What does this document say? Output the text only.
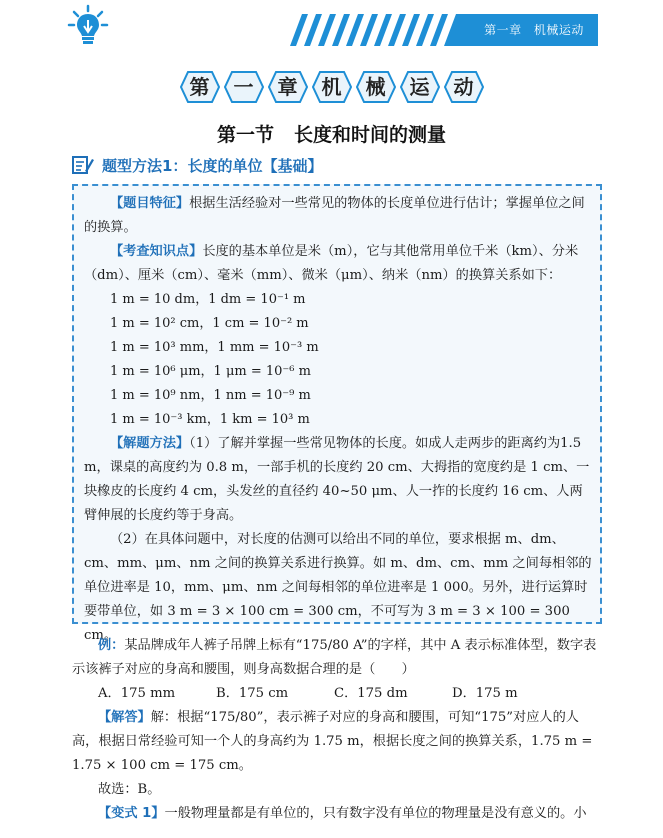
第一章 机械运动
第	一	章	机	械	运	动
第一节 长度和时间的测量
题型方法1：长度的单位【基础】

【题目特征】根据生活经验对一些常见的物体的长度单位进行估计；掌握单位之间的换算。

【考查知识点】长度的基本单位是米（m），它与其他常用单位千米（km）、分米（dm）、厘米（cm）、毫米（mm）、微米（μm）、纳米（nm）的换算关系如下：

1 m = 10 dm，1 dm = 10⁻¹ m
1 m = 10² cm，1 cm = 10⁻² m
1 m = 10³ mm，1 mm = 10⁻³ m
1 m = 10⁶ μm，1 μm = 10⁻⁶ m
1 m = 10⁹ nm，1 nm = 10⁻⁹ m
1 m = 10⁻³ km，1 km = 10³ m

【解题方法】（1）了解并掌握一些常见物体的长度。如成人走两步的距离约为1.5 m，课桌的高度约为 0.8 m，一部手机的长度约 20 cm、大拇指的宽度约是 1 cm、一块橡皮的长度约 4 cm，头发丝的直径约 40~50 μm、人一拃的长度约 16 cm、人两臂伸展的长度约等于身高。

（2）在具体问题中，对长度的估测可以给出不同的单位，要求根据 m、dm、cm、mm、μm、nm 之间的换算关系进行换算。如 m、dm、cm、mm 之间每相邻的单位进率是 10，mm、μm、nm 之间每相邻的单位进率是 1 000。另外，进行运算时要带单位，如 3 m = 3 × 100 cm = 300 cm，不可写为 3 m = 3 × 100 = 300 cm。

例：某品牌成年人裤子吊牌上标有“175/80 A”的字样，其中 A 表示标准体型，数字表示该裤子对应的身高和腰围，则身高数据合理的是（　　）

A．175 mm	B．175 cm	C．175 dm	D．175 m

【解答】解：根据“175/80”，表示裤子对应的身高和腰围，可知“175”对应人的人高，根据日常经验可知一个人的身高约为 1.75 m，根据长度之间的换算关系，1.75 m = 1.75 × 100 cm = 175 cm。

故选：B。

【变式 1】一般物理量都是有单位的，只有数字没有单位的物理量是没有意义的。小
